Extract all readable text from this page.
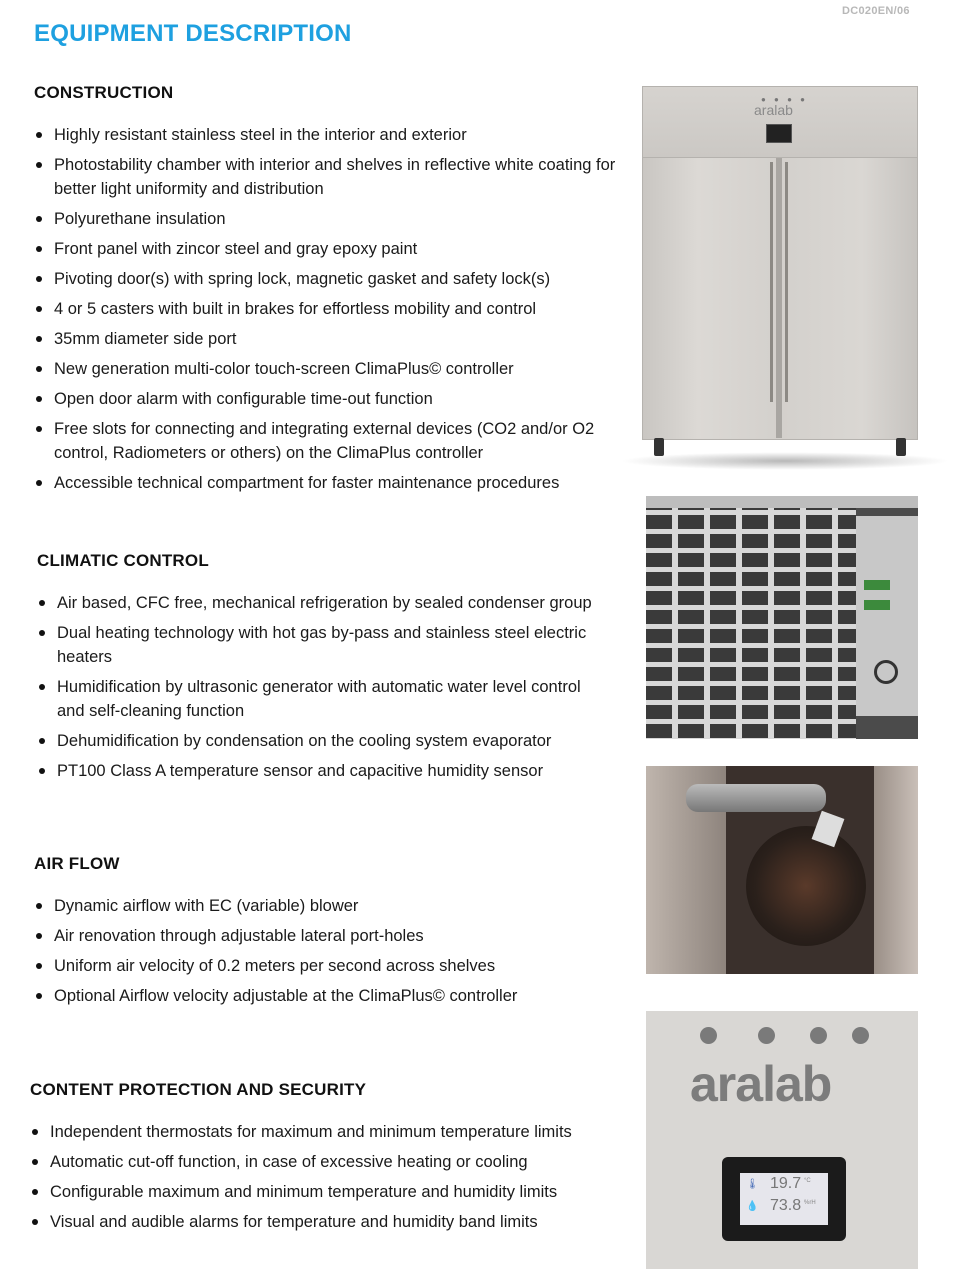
DC020EN/06
EQUIPMENT DESCRIPTION
CONSTRUCTION
Highly resistant stainless steel in the interior and exterior
Photostability chamber with interior and shelves in reflective white coating for better light uniformity and distribution
Polyurethane insulation
Front panel with zincor steel and gray epoxy paint
Pivoting door(s) with spring lock, magnetic gasket and safety lock(s)
4 or 5 casters with built in brakes for effortless mobility and control
35mm diameter side port
New generation multi-color touch-screen ClimaPlus© controller
Open door alarm with configurable time-out function
Free slots for connecting and integrating external devices (CO2 and/or O2 control, Radiometers or others) on the ClimaPlus controller
Accessible technical compartment for faster maintenance procedures
CLIMATIC CONTROL
Air based, CFC free, mechanical refrigeration by sealed condenser group
Dual heating technology with hot gas by-pass and stainless steel electric heaters
Humidification by ultrasonic generator with automatic water level control and self-cleaning function
Dehumidification by condensation on the cooling system evaporator
PT100 Class A temperature sensor and capacitive humidity sensor
AIR FLOW
Dynamic airflow with EC (variable) blower
Air renovation through adjustable lateral port-holes
Uniform air velocity of 0.2 meters per second across shelves
Optional Airflow velocity adjustable at the ClimaPlus© controller
CONTENT PROTECTION AND SECURITY
Independent thermostats for maximum and minimum temperature limits
Automatic cut-off function, in case of excessive heating or cooling
Configurable maximum and minimum temperature and humidity limits
Visual and audible alarms for temperature and humidity band limits
● ● ● ●
aralab
aralab
🌡 19.7 °C
💧 73.8 %rH
